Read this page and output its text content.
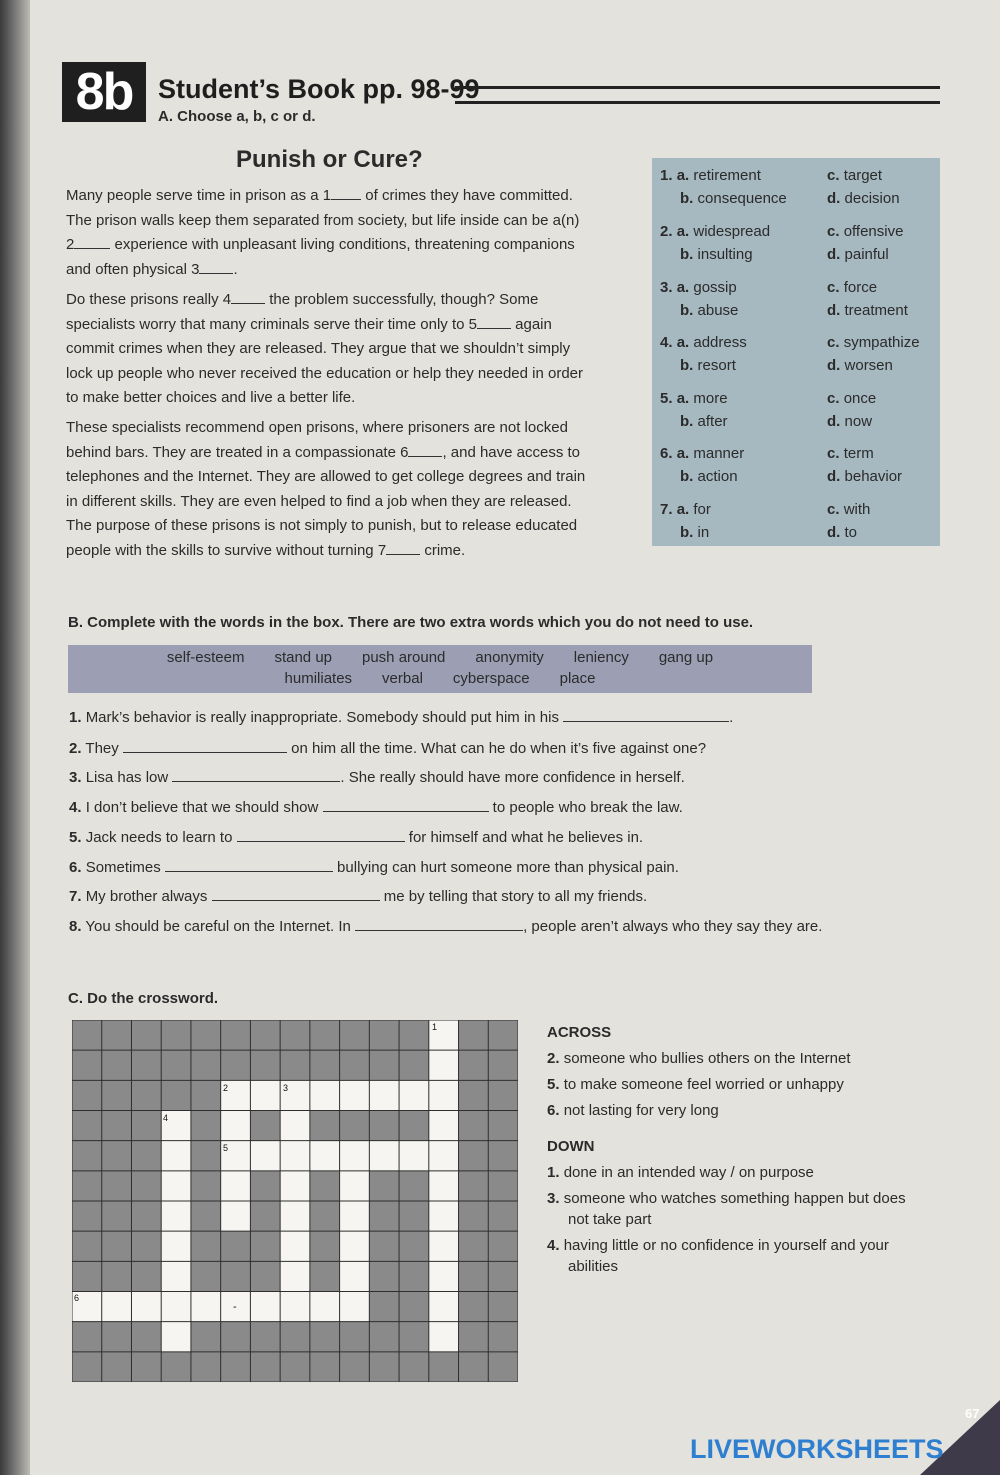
8b Student’s Book pp. 98-99
A. Choose a, b, c or d.
Punish or Cure?
Many people serve time in prison as a 1 of crimes they have committed.
The prison walls keep them separated from society, but life inside can be a(n)
2 experience with unpleasant living conditions, threatening companions
and often physical 3 .
Do these prisons really 4 the problem successfully, though? Some
specialists worry that many criminals serve their time only to 5 again
commit crimes when they are released. They argue that we shouldn’t simply
lock up people who never received the education or help they needed in order
to make better choices and live a better life.
These specialists recommend open prisons, where prisoners are not locked
behind bars. They are treated in a compassionate 6 , and have access to
telephones and the Internet. They are allowed to get college degrees and train
in different skills. They are even helped to find a job when they are released.
The purpose of these prisons is not simply to punish, but to release educated
people with the skills to survive without turning 7 crime.
1. a. retirement
b. consequence
c. target
d. decision
2. a. widespread
b. insulting
c. offensive
d. painful
3. a. gossip
b. abuse
c. force
d. treatment
4. a. address
b. resort
c. sympathize
d. worsen
5. a. more
b. after
c. once
d. now
6. a. manner
b. action
c. term
d. behavior
7. a. for
b. in
c. with
d. to
B. Complete with the words in the box. There are two extra words which you do not need to use.
self-esteem stand up push around anonymity leniency gang up
humiliates verbal cyberspace place
1. Mark’s behavior is really inappropriate. Somebody should put him in his	.
2. They	on him all the time. What can he do when it’s five against one?
3. Lisa has low	. She really should have more confidence in herself.
4. I don’t believe that we should show	to people who break the law.
5. Jack needs to learn to	for himself and what he believes in.
6. Sometimes	bullying can hurt someone more than physical pain.
7. My brother always	me by telling that story to all my friends.
8. You should be careful on the Internet. In	, people aren’t always who they say they are.
C. Do the crossword.
1
2	3
4
5
6
-
ACROSS
2. someone who bullies others on the Internet
5. to make someone feel worried or unhappy
6. not lasting for very long
DOWN
1. done in an intended way / on purpose
3. someone who watches something happen but does
not take part
4. having little or no confidence in yourself and your
abilities
67
LIVEWORKSHEETS
